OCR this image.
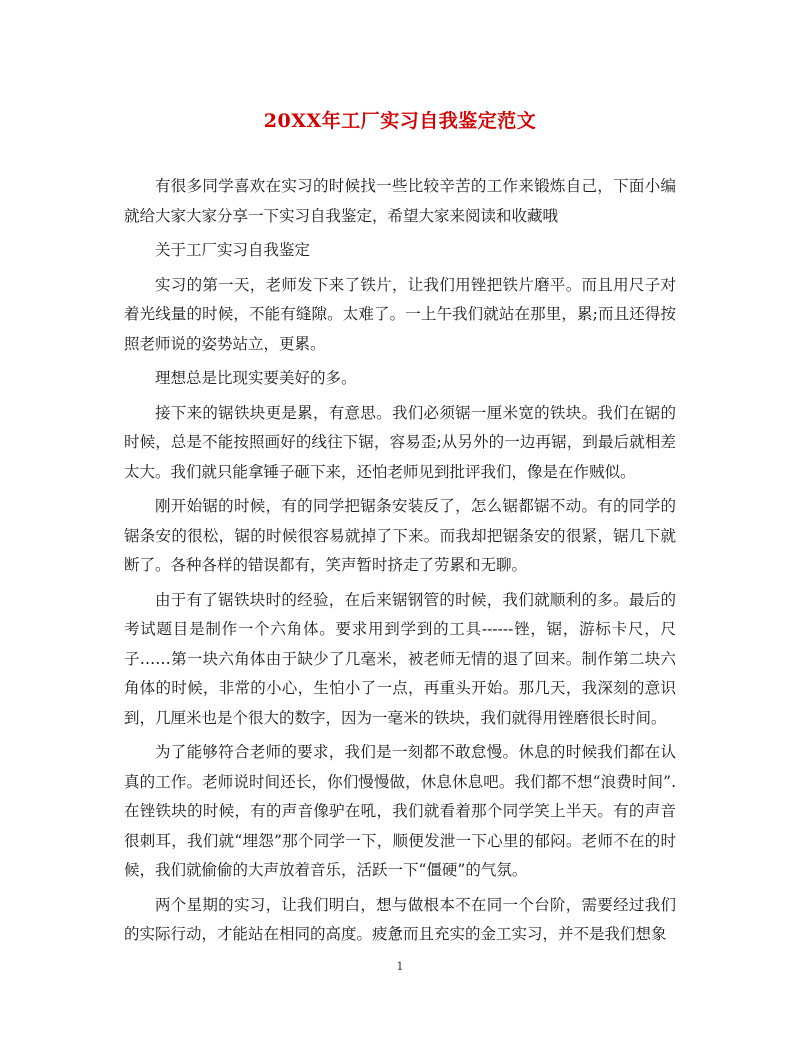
20XX年工厂实习自我鉴定范文

有很多同学喜欢在实习的时候找一些比较辛苦的工作来锻炼自己，下面小编就给大家大家分享一下实习自我鉴定，希望大家来阅读和收藏哦

关于工厂实习自我鉴定

实习的第一天，老师发下来了铁片，让我们用锉把铁片磨平。而且用尺子对着光线量的时候，不能有缝隙。太难了。一上午我们就站在那里，累;而且还得按照老师说的姿势站立，更累。

理想总是比现实要美好的多。

接下来的锯铁块更是累，有意思。我们必须锯一厘米宽的铁块。我们在锯的时候，总是不能按照画好的线往下锯，容易歪;从另外的一边再锯，到最后就相差太大。我们就只能拿锤子砸下来，还怕老师见到批评我们，像是在作贼似。

刚开始锯的时候，有的同学把锯条安装反了，怎么锯都锯不动。有的同学的锯条安的很松，锯的时候很容易就掉了下来。而我却把锯条安的很紧，锯几下就断了。各种各样的错误都有，笑声暂时挤走了劳累和无聊。

由于有了锯铁块时的经验，在后来锯钢管的时候，我们就顺利的多。最后的考试题目是制作一个六角体。要求用到学到的工具------锉，锯，游标卡尺，尺子……第一块六角体由于缺少了几毫米，被老师无情的退了回来。制作第二块六角体的时候，非常的小心，生怕小了一点，再重头开始。那几天，我深刻的意识到，几厘米也是个很大的数字，因为一毫米的铁块，我们就得用锉磨很长时间。

为了能够符合老师的要求，我们是一刻都不敢怠慢。休息的时候我们都在认真的工作。老师说时间还长，你们慢慢做，休息休息吧。我们都不想“浪费时间”.在锉铁块的时候，有的声音像驴在吼，我们就看着那个同学笑上半天。有的声音很刺耳，我们就“埋怨”那个同学一下，顺便发泄一下心里的郁闷。老师不在的时候，我们就偷偷的大声放着音乐，活跃一下“僵硬”的气氛。

两个星期的实习，让我们明白，想与做根本不在同一个台阶，需要经过我们的实际行动，才能站在相同的高度。疲惫而且充实的金工实习，并不是我们想象

1
